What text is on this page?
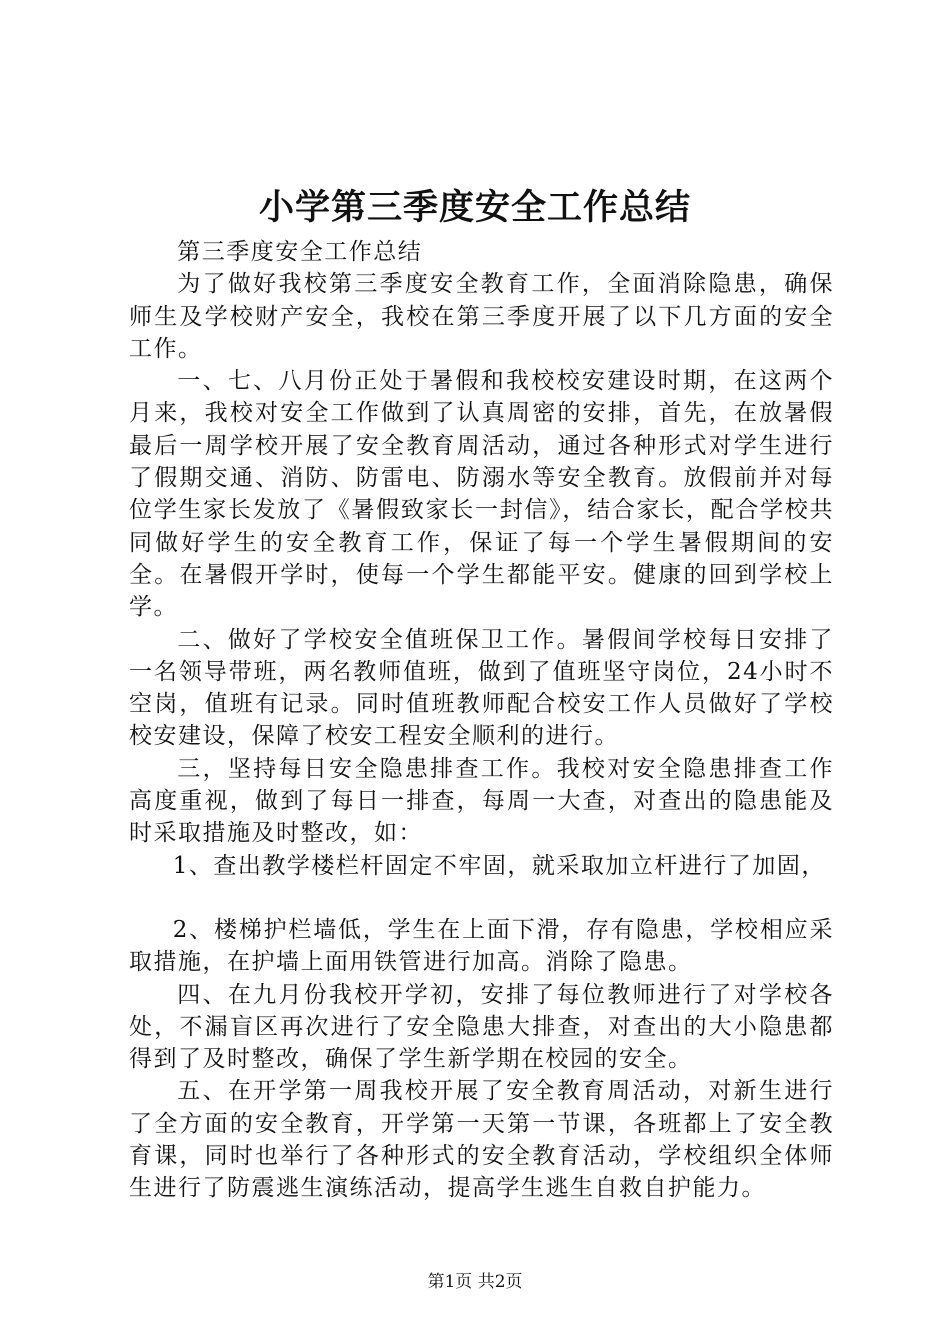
小学第三季度安全工作总结

第三季度安全工作总结

为了做好我校第三季度安全教育工作，全面消除隐患，确保师生及学校财产安全，我校在第三季度开展了以下几方面的安全工作。

一、七、八月份正处于暑假和我校校安建设时期，在这两个月来，我校对安全工作做到了认真周密的安排，首先，在放暑假最后一周学校开展了安全教育周活动，通过各种形式对学生进行了假期交通、消防、防雷电、防溺水等安全教育。放假前并对每位学生家长发放了《暑假致家长一封信》，结合家长，配合学校共同做好学生的安全教育工作，保证了每一个学生暑假期间的安全。在暑假开学时，使每一个学生都能平安。健康的回到学校上学。

二、做好了学校安全值班保卫工作。暑假间学校每日安排了一名领导带班，两名教师值班，做到了值班坚守岗位，24小时不空岗，值班有记录。同时值班教师配合校安工作人员做好了学校校安建设，保障了校安工程安全顺利的进行。

三，坚持每日安全隐患排查工作。我校对安全隐患排查工作高度重视，做到了每日一排查，每周一大查，对查出的隐患能及时采取措施及时整改，如：

1、查出教学楼栏杆固定不牢固，就采取加立杆进行了加固，

2、楼梯护栏墙低，学生在上面下滑，存有隐患，学校相应采取措施，在护墙上面用铁管进行加高。消除了隐患。

四、在九月份我校开学初，安排了每位教师进行了对学校各处，不漏盲区再次进行了安全隐患大排查，对查出的大小隐患都得到了及时整改，确保了学生新学期在校园的安全。

五、在开学第一周我校开展了安全教育周活动，对新生进行了全方面的安全教育，开学第一天第一节课，各班都上了安全教育课，同时也举行了各种形式的安全教育活动，学校组织全体师生进行了防震逃生演练活动，提高学生逃生自救自护能力。

第1页 共2页
